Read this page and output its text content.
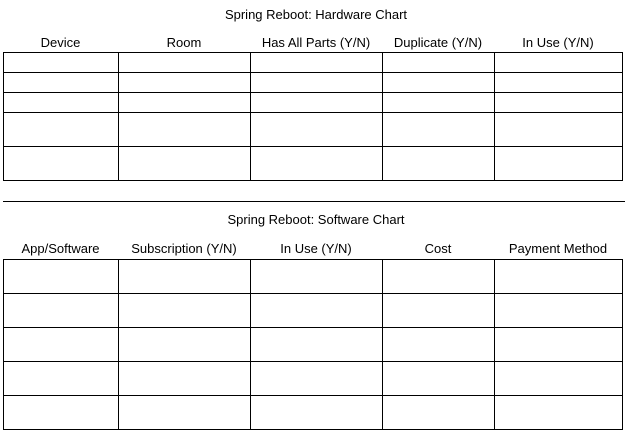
Spring Reboot: Hardware Chart
Device	Room	Has All Parts (Y/N)	Duplicate (Y/N)	In Use (Y/N)

Spring Reboot: Software Chart
App/Software	Subscription (Y/N)	In Use (Y/N)	Cost	Payment Method
